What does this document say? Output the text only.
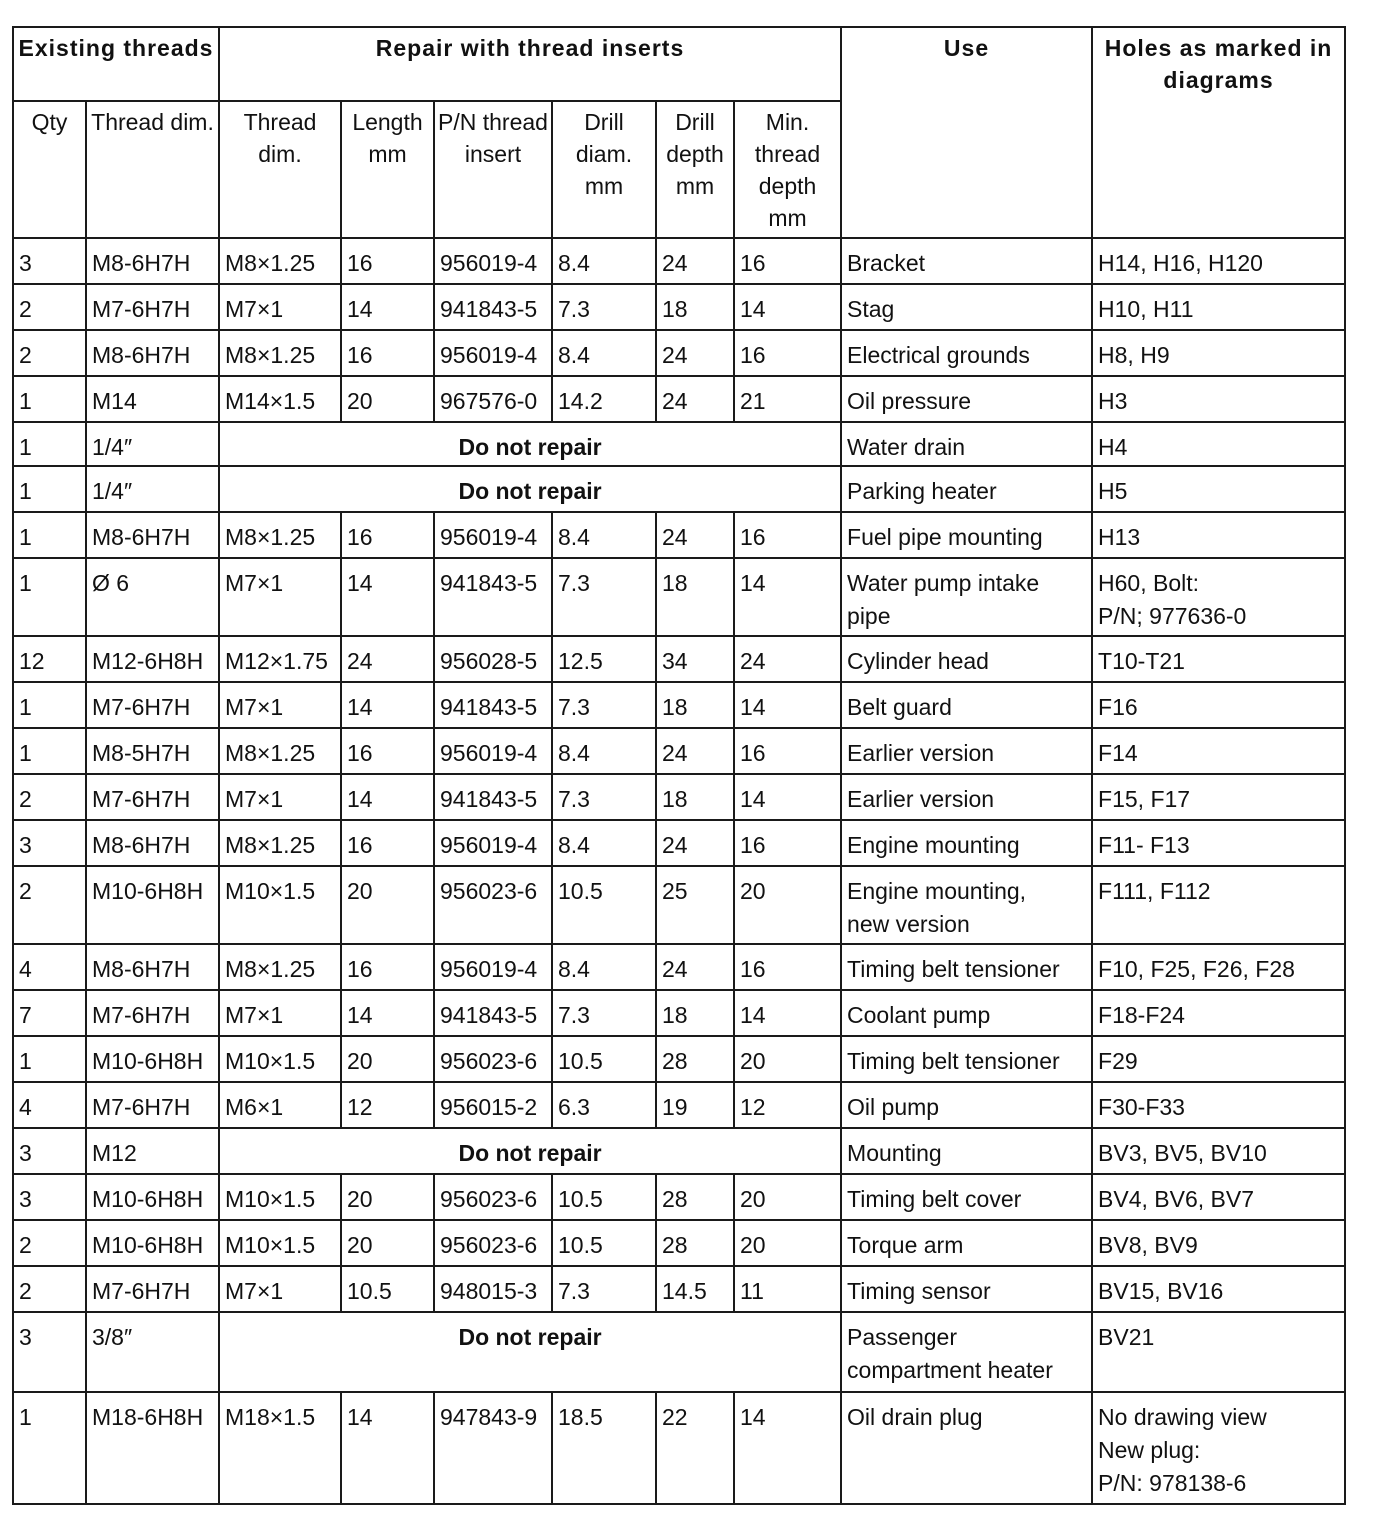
Existing threads		Repair with thread inserts						Use	Holes as marked in diagrams
Qty	Thread dim.	Thread dim.	Length mm	P/N thread insert	Drill diam. mm	Drill depth mm	Min. thread depth mm		
3	M8-6H7H	M8×1.25	16	956019-4	8.4	24	16	Bracket	H14, H16, H120

2	M7-6H7H	M7×1	14	941843-5	7.3	18	14	Stag	H10, H11

2	M8-6H7H	M8×1.25	16	956019-4	8.4	24	16	Electrical grounds	H8, H9

1	M14	M14×1.5	20	967576-0	14.2	24	21	Oil pressure	H3

1	1/4″	Do not repair						Water drain	H4

1	1/4″	Do not repair						Parking heater	H5

1	M8-6H7H	M8×1.25	16	956019-4	8.4	24	16	Fuel pipe mounting	H13

1	Ø 6	M7×1	14	941843-5	7.3	18	14	Water pump intake
pipe	H60, Bolt:
P/N; 977636-0

12	M12-6H8H	M12×1.75	24	956028-5	12.5	34	24	Cylinder head	T10-T21

1	M7-6H7H	M7×1	14	941843-5	7.3	18	14	Belt guard	F16

1	M8-5H7H	M8×1.25	16	956019-4	8.4	24	16	Earlier version	F14

2	M7-6H7H	M7×1	14	941843-5	7.3	18	14	Earlier version	F15, F17

3	M8-6H7H	M8×1.25	16	956019-4	8.4	24	16	Engine mounting	F11- F13

2	M10-6H8H	M10×1.5	20	956023-6	10.5	25	20	Engine mounting,
new version	F111, F112

4	M8-6H7H	M8×1.25	16	956019-4	8.4	24	16	Timing belt tensioner	F10, F25, F26, F28

7	M7-6H7H	M7×1	14	941843-5	7.3	18	14	Coolant pump	F18-F24

1	M10-6H8H	M10×1.5	20	956023-6	10.5	28	20	Timing belt tensioner	F29

4	M7-6H7H	M6×1	12	956015-2	6.3	19	12	Oil pump	F30-F33

3	M12	Do not repair						Mounting	BV3, BV5, BV10

3	M10-6H8H	M10×1.5	20	956023-6	10.5	28	20	Timing belt cover	BV4, BV6, BV7

2	M10-6H8H	M10×1.5	20	956023-6	10.5	28	20	Torque arm	BV8, BV9

2	M7-6H7H	M7×1	10.5	948015-3	7.3	14.5	11	Timing sensor	BV15, BV16

3	3/8″	Do not repair						Passenger
compartment heater	BV21

1	M18-6H8H	M18×1.5	14	947843-9	18.5	22	14	Oil drain plug	No drawing view
New plug:
P/N: 978138-6
